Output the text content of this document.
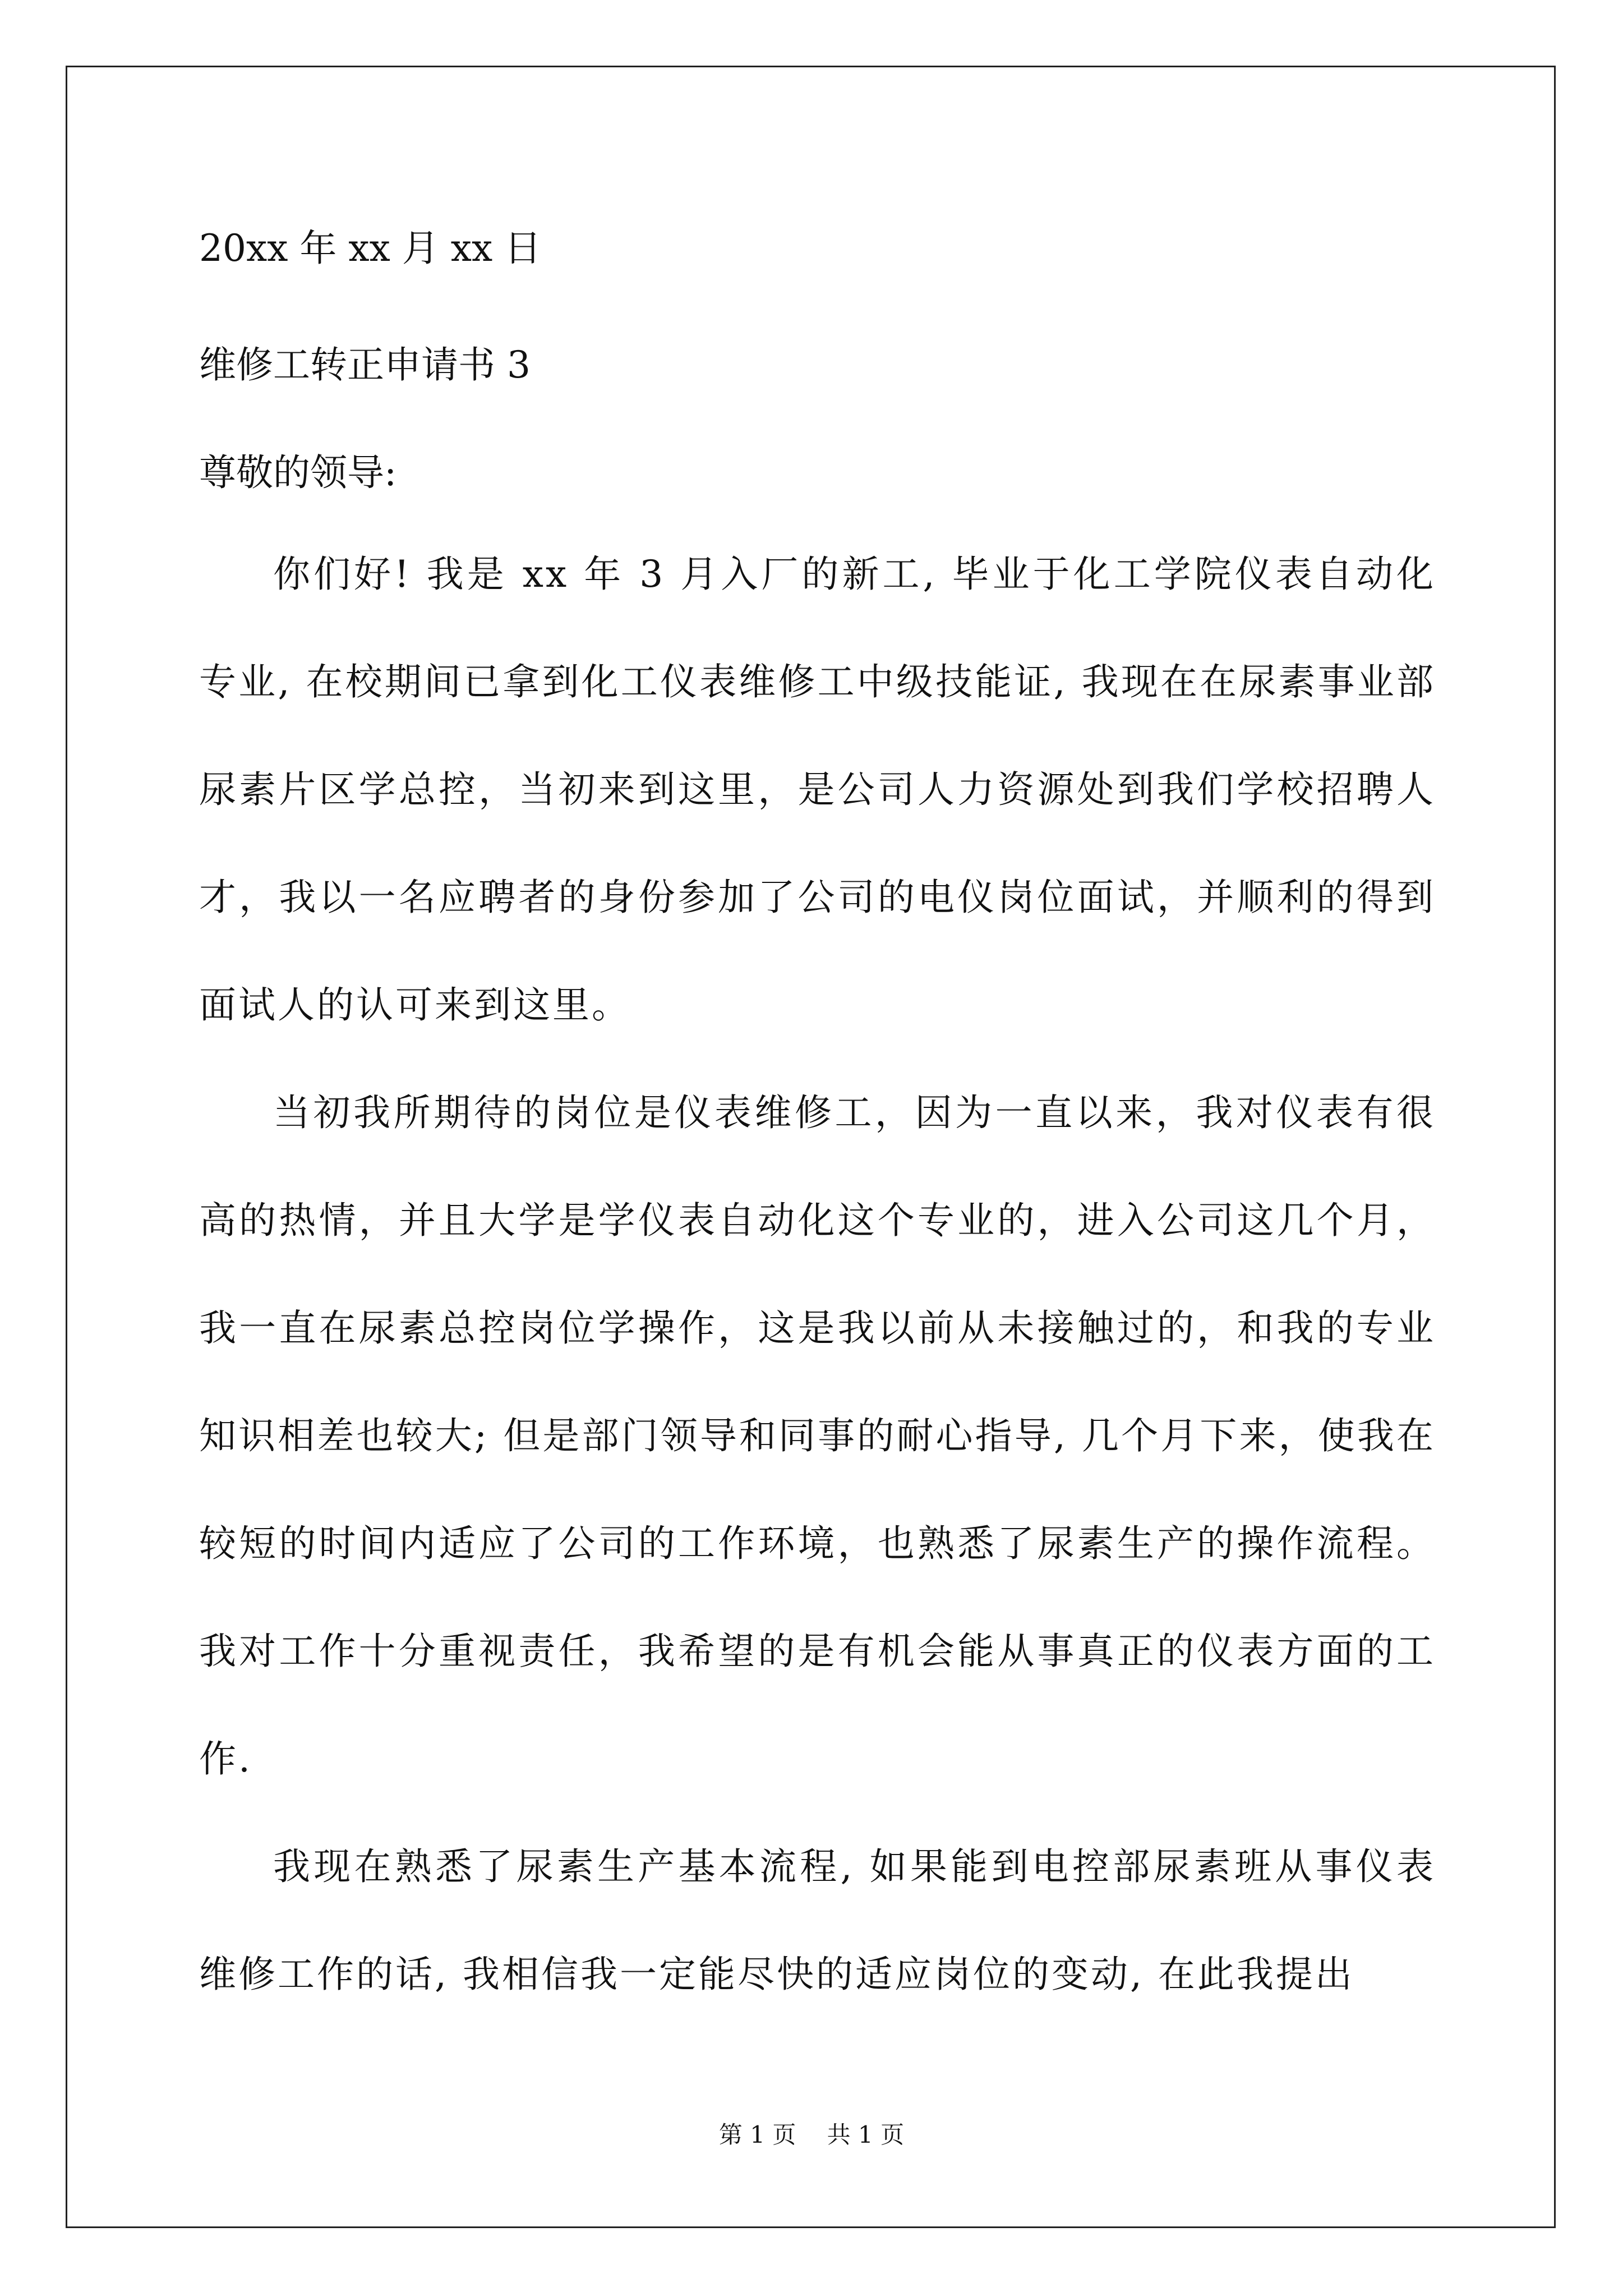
20xx 年 xx 月 xx 日
维修工转正申请书 3
尊敬的领导:

你们好! 我是 xx 年 3 月入厂的新工, 毕业于化工学院仪表自动化专业, 在校期间已拿到化工仪表维修工中级技能证, 我现在在尿素事业部尿素片区学总控，当初来到这里，是公司人力资源处到我们学校招聘人才，我以一名应聘者的身份参加了公司的电仪岗位面试，并顺利的得到面试人的认可来到这里。

当初我所期待的岗位是仪表维修工，因为一直以来，我对仪表有很高的热情，并且大学是学仪表自动化这个专业的，进入公司这几个月，我一直在尿素总控岗位学操作，这是我以前从未接触过的，和我的专业知识相差也较大; 但是部门领导和同事的耐心指导, 几个月下来，使我在较短的时间内适应了公司的工作环境，也熟悉了尿素生产的操作流程。我对工作十分重视责任，我希望的是有机会能从事真正的仪表方面的工作.

我现在熟悉了尿素生产基本流程, 如果能到电控部尿素班从事仪表维修工作的话, 我相信我一定能尽快的适应岗位的变动, 在此我提出

第 1 页　 共 1 页
